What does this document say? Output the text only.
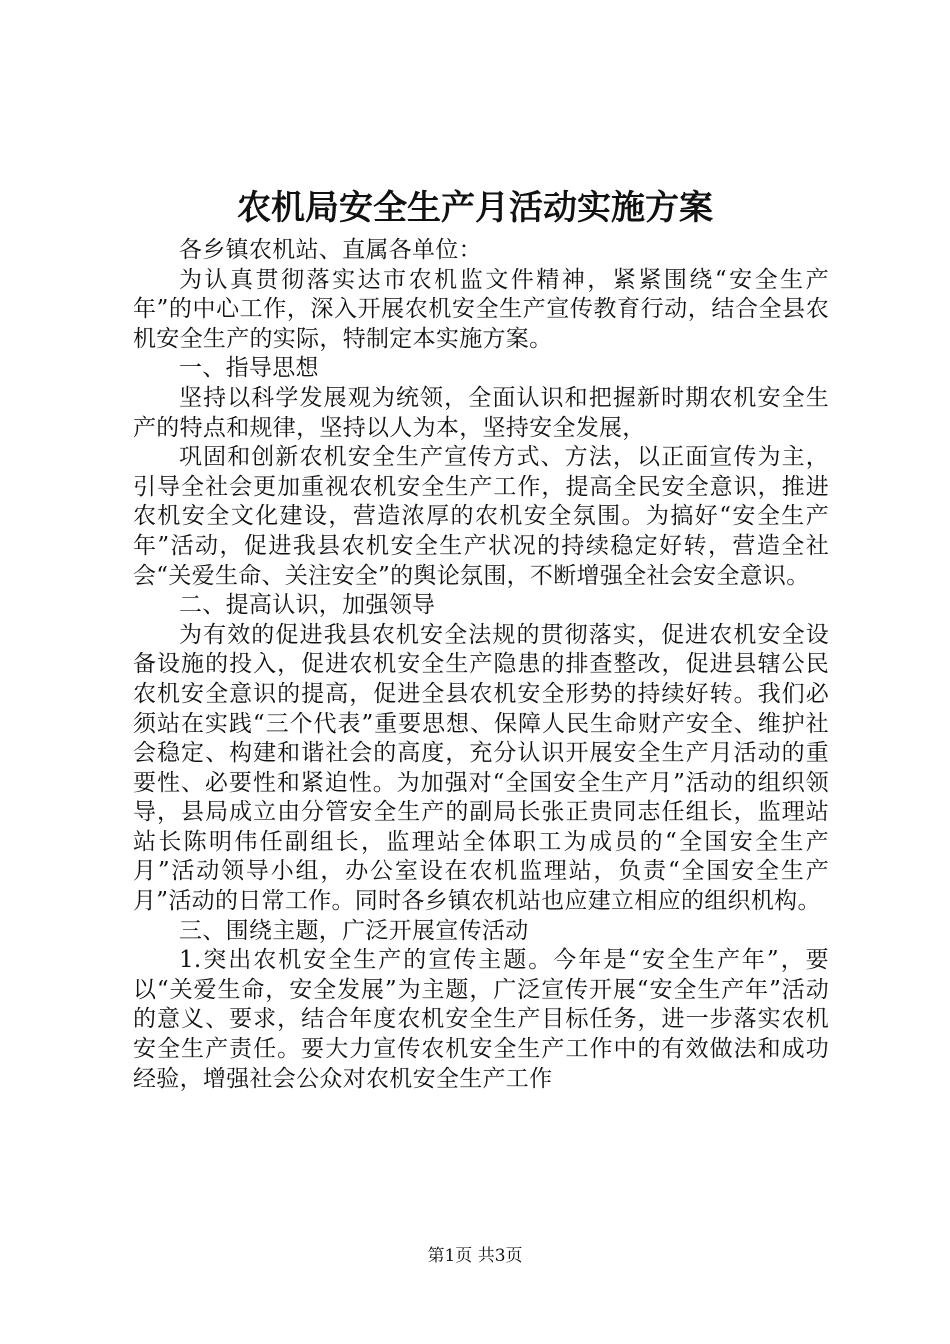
农机局安全生产月活动实施方案

各乡镇农机站、直属各单位：

为认真贯彻落实达市农机监文件精神，紧紧围绕“安全生产年”的中心工作，深入开展农机安全生产宣传教育行动，结合全县农机安全生产的实际，特制定本实施方案。

一、指导思想

坚持以科学发展观为统领，全面认识和把握新时期农机安全生产的特点和规律，坚持以人为本，坚持安全发展，

巩固和创新农机安全生产宣传方式、方法，以正面宣传为主，引导全社会更加重视农机安全生产工作，提高全民安全意识，推进农机安全文化建设，营造浓厚的农机安全氛围。为搞好“安全生产年”活动，促进我县农机安全生产状况的持续稳定好转，营造全社会“关爱生命、关注安全”的舆论氛围，不断增强全社会安全意识。

二、提高认识，加强领导

为有效的促进我县农机安全法规的贯彻落实，促进农机安全设备设施的投入，促进农机安全生产隐患的排查整改，促进县辖公民农机安全意识的提高，促进全县农机安全形势的持续好转。我们必须站在实践“三个代表”重要思想、保障人民生命财产安全、维护社会稳定、构建和谐社会的高度，充分认识开展安全生产月活动的重要性、必要性和紧迫性。为加强对“全国安全生产月”活动的组织领导，县局成立由分管安全生产的副局长张正贵同志任组长，监理站站长陈明伟任副组长，监理站全体职工为成员的“全国安全生产月”活动领导小组，办公室设在农机监理站，负责“全国安全生产月”活动的日常工作。同时各乡镇农机站也应建立相应的组织机构。

三、围绕主题，广泛开展宣传活动

1.突出农机安全生产的宣传主题。今年是“安全生产年”，要以“关爱生命，安全发展”为主题，广泛宣传开展“安全生产年”活动的意义、要求，结合年度农机安全生产目标任务，进一步落实农机安全生产责任。要大力宣传农机安全生产工作中的有效做法和成功经验，增强社会公众对农机安全生产工作

第1页 共3页
